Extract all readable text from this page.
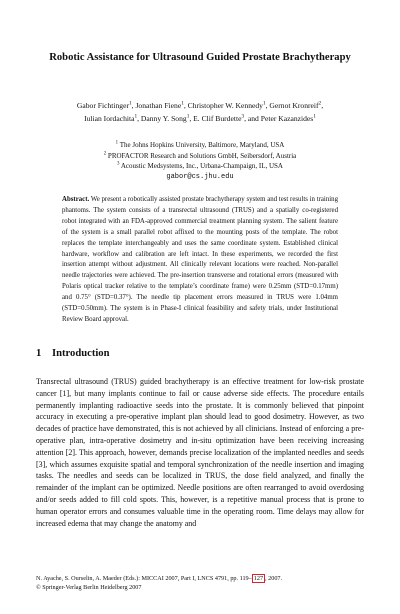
Robotic Assistance for Ultrasound Guided Prostate Brachytherapy
Gabor Fichtinger$^1$, Jonathan Fiene$^1$, Christopher W. Kennedy$^1$, Gernot Kronreif$^2$,
Iulian Iordachita$^1$, Danny Y. Song$^1$, E. Clif Burdette$^3$, and Peter Kazanzides$^1$
$^1$ The Johns Hopkins University, Baltimore, Maryland, USA
$^2$ PROFACTOR Research and Solutions GmbH, Seibersdorf, Austria
$^3$ Acoustic Medsystems, Inc., Urbana-Champaign, IL, USA
gabor@cs.jhu.edu

Abstract. We present a robotically assisted prostate brachytherapy system and test results in training phantoms. The system consists of a transrectal ultrasound (TRUS) and a spatially co-registered robot integrated with an FDA-approved commercial treatment planning system. The salient feature of the system is a small parallel robot affixed to the mounting posts of the template. The robot replaces the template interchangeably and uses the same coordinate system. Established clinical hardware, workflow and calibration are left intact. In these experiments, we recorded the first insertion attempt without adjustment. All clinically relevant locations were reached. Non-parallel needle trajectories were achieved. The pre-insertion transverse and rotational errors (measured with Polaris optical tracker relative to the template’s coordinate frame) were 0.25mm (STD=0.17mm) and 0.75° (STD=0.37°). The needle tip placement errors measured in TRUS were 1.04mm (STD=0.50mm). The system is in Phase-I clinical feasibility and safety trials, under Institutional Review Board approval.

1 Introduction

Transrectal ultrasound (TRUS) guided brachytherapy is an effective treatment for low-risk prostate cancer [1], but many implants continue to fail or cause adverse side effects. The procedure entails permanently implanting radioactive seeds into the prostate. It is commonly believed that pinpoint accuracy in executing a pre-operative implant plan should lead to good dosimetry. However, as two decades of practice have demonstrated, this is not achieved by all clinicians. Instead of enforcing a pre-operative plan, intra-operative dosimetry and in-situ optimization have been receiving increasing attention [2]. This approach, however, demands precise localization of the implanted needles and seeds [3], which assumes exquisite spatial and temporal synchronization of the needle insertion and imaging tasks. The needles and seeds can be localized in TRUS, the dose field analyzed, and finally the remainder of the implant can be optimized. Needle positions are often rearranged to avoid overdosing and/or seeds added to fill cold spots. This, however, is a repetitive manual process that is prone to human operator errors and consumes valuable time in the operating room. Time delays may allow for increased edema that may change the anatomy and

N. Ayache, S. Ourselin, A. Maeder (Eds.): MICCAI 2007, Part I, LNCS 4791, pp. 119– 127 , 2007.
© Springer-Verlag Berlin Heidelberg 2007
